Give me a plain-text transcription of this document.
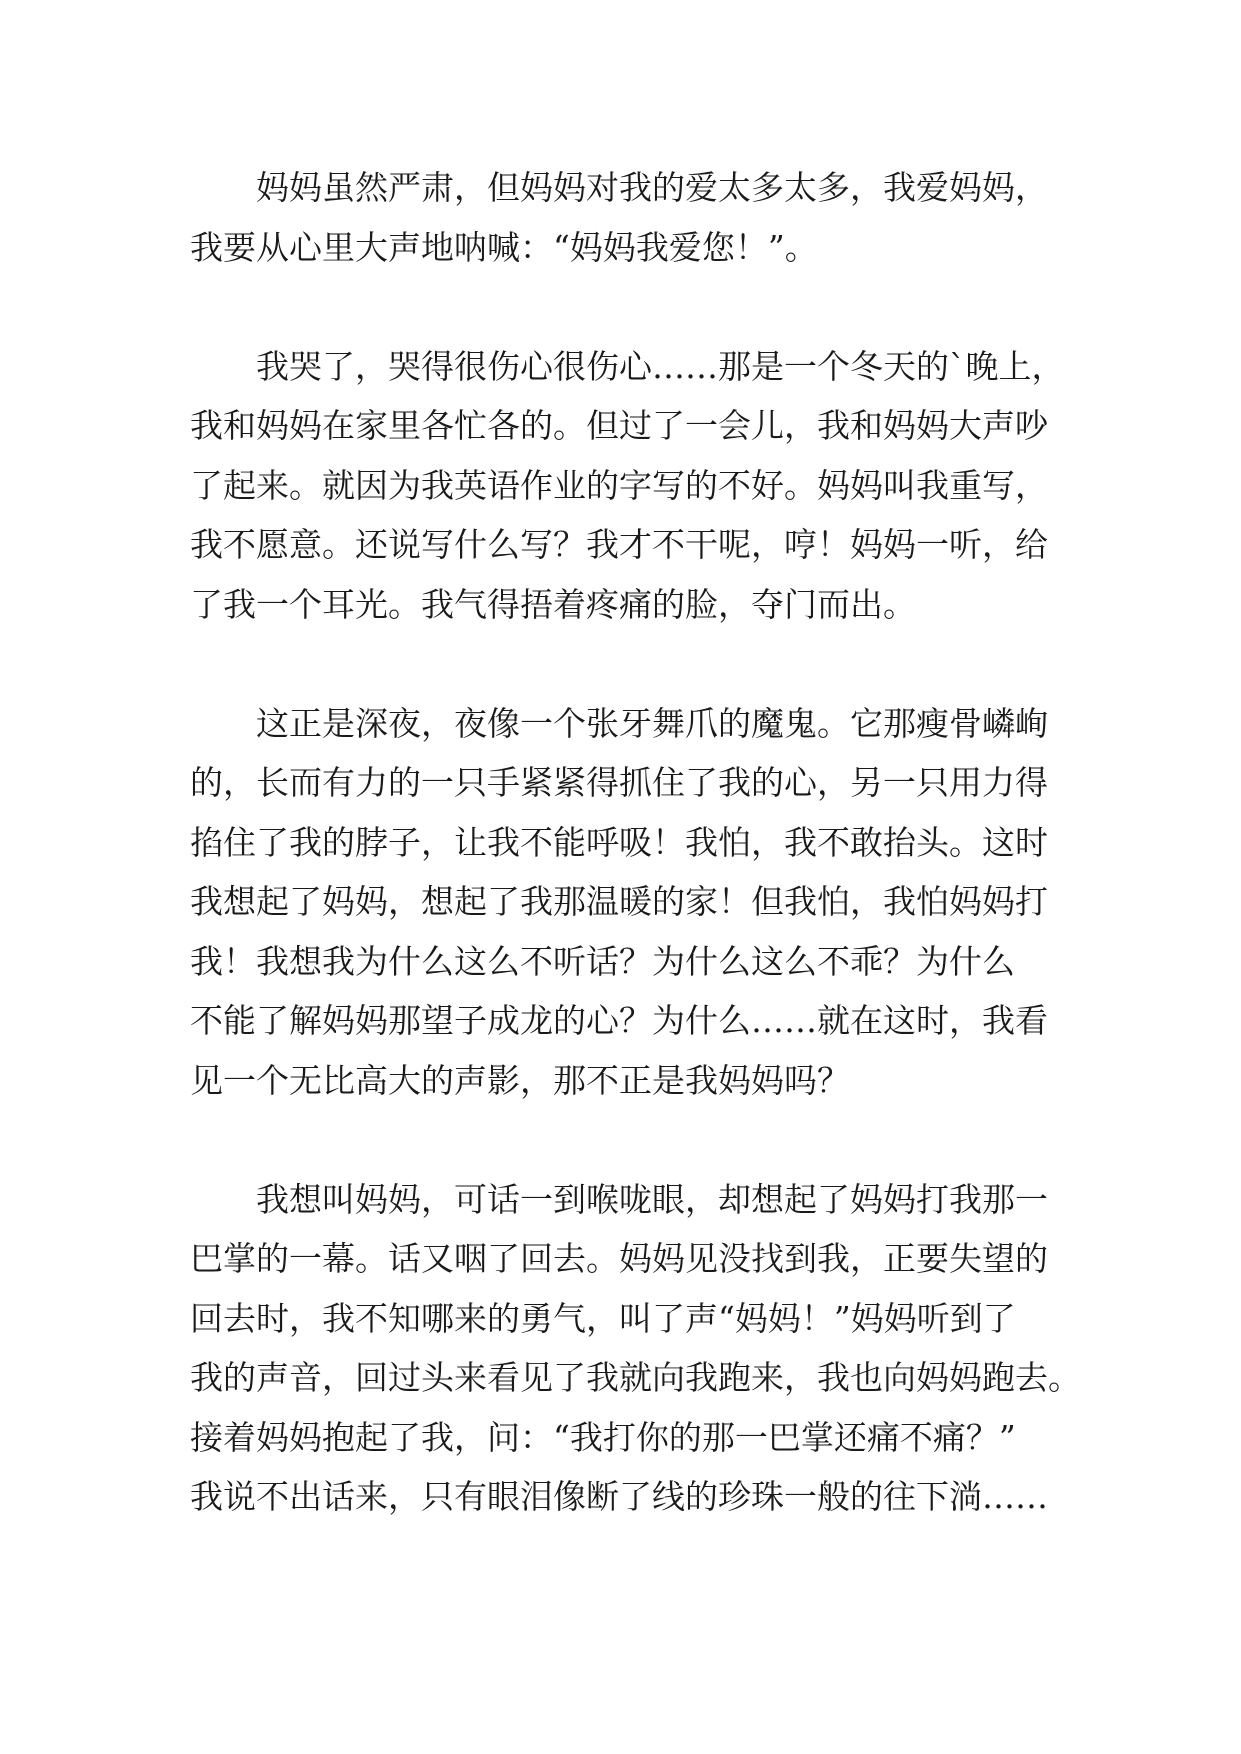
妈妈虽然严肃，但妈妈对我的爱太多太多，我爱妈妈，
我要从心里大声地呐喊：“妈妈我爱您！”。
我哭了，哭得很伤心很伤心……那是一个冬天的`晚上，
我和妈妈在家里各忙各的。但过了一会儿，我和妈妈大声吵
了起来。就因为我英语作业的字写的不好。妈妈叫我重写，
我不愿意。还说写什么写？我才不干呢，哼！妈妈一听，给
了我一个耳光。我气得捂着疼痛的脸，夺门而出。
这正是深夜，夜像一个张牙舞爪的魔鬼。它那瘦骨嶙峋
的，长而有力的一只手紧紧得抓住了我的心，另一只用力得
掐住了我的脖子，让我不能呼吸！我怕，我不敢抬头。这时
我想起了妈妈，想起了我那温暖的家！但我怕，我怕妈妈打
我！我想我为什么这么不听话？为什么这么不乖？为什么
不能了解妈妈那望子成龙的心？为什么……就在这时，我看
见一个无比高大的声影，那不正是我妈妈吗？
我想叫妈妈，可话一到喉咙眼，却想起了妈妈打我那一
巴掌的一幕。话又咽了回去。妈妈见没找到我，正要失望的
回去时，我不知哪来的勇气，叫了声“妈妈！”妈妈听到了
我的声音，回过头来看见了我就向我跑来，我也向妈妈跑去。
接着妈妈抱起了我，问：“我打你的那一巴掌还痛不痛？”
我说不出话来，只有眼泪像断了线的珍珠一般的往下淌……
